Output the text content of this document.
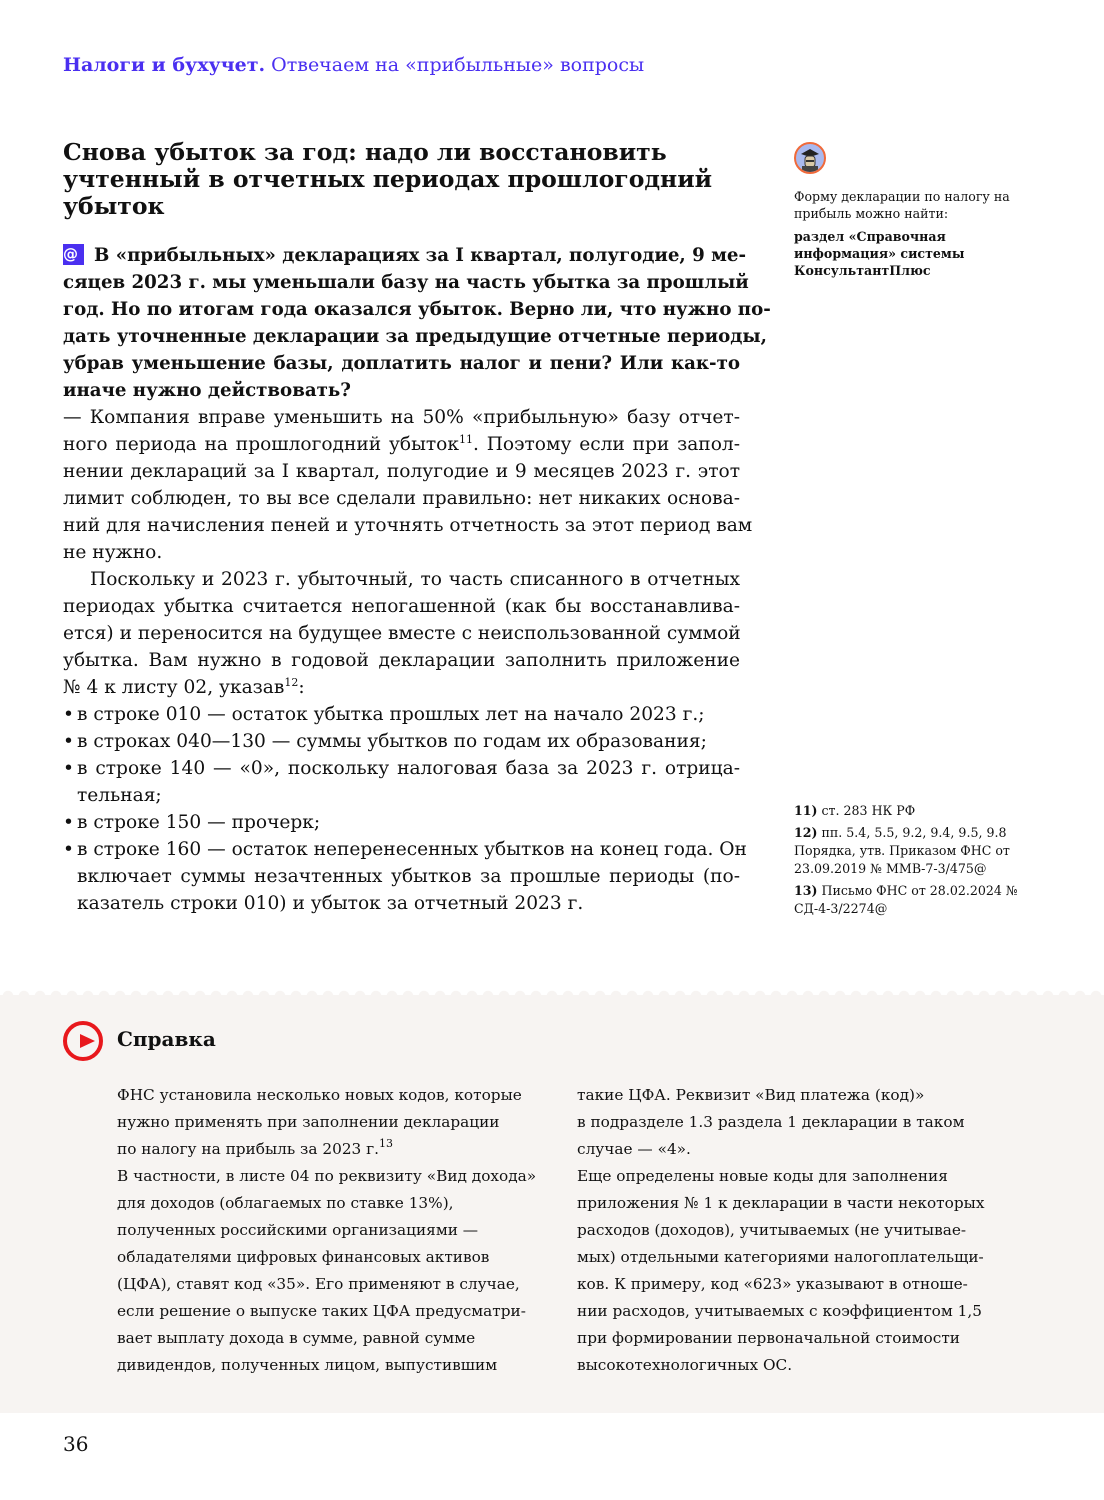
Налоги и бухучет. Отвечаем на «прибыльные» вопросы
Снова убыток за год: надо ли восстановить
учтенный в отчетных периодах прошлогодний
убыток
@ В «прибыльных» декларациях за I квартал, полугодие, 9 ме-
сяцев 2023 г. мы уменьшали базу на часть убытка за прошлый
год. Но по итогам года оказался убыток. Верно ли, что нужно по-
дать уточненные декларации за предыдущие отчетные периоды,
убрав уменьшение базы, доплатить налог и пени? Или как-то
иначе нужно действовать?
— Компания вправе уменьшить на 50% «прибыльную» базу отчет-
ного периода на прошлогодний убыток$^{11}$. Поэтому если при запол-
нении деклараций за I квартал, полугодие и 9 месяцев 2023 г. этот
лимит соблюден, то вы все сделали правильно: нет никаких основа-
ний для начисления пеней и уточнять отчетность за этот период вам
не нужно.
Поскольку и 2023 г. убыточный, то часть списанного в отчетных
периодах убытка считается непогашенной (как бы восстанавлива-
ется) и переносится на будущее вместе с неиспользованной суммой
убытка. Вам нужно в годовой декларации заполнить приложение
№ 4 к листу 02, указав$^{12}$:
• в строке 010 — остаток убытка прошлых лет на начало 2023 г.;
• в строках 040—130 — суммы убытков по годам их образования;
• в строке 140 — «0», поскольку налоговая база за 2023 г. отрица-
тельная;
• в строке 150 — прочерк;
• в строке 160 — остаток неперенесенных убытков на конец года. Он
включает суммы незачтенных убытков за прошлые периоды (по-
казатель строки 010) и убыток за отчетный 2023 г.
Форму декларации по налогу на прибыль можно найти:
раздел «Справочная информация» системы КонсультантПлюс
11) ст. 283 НК РФ
12) пп. 5.4, 5.5, 9.2, 9.4, 9.5, 9.8 Порядка, утв. Приказом ФНС от 23.09.2019 № ММВ-7-3/475@
13) Письмо ФНС от 28.02.2024 № СД-4-3/2274@
Справка
ФНС установила несколько новых кодов, которые
нужно применять при заполнении декларации
по налогу на прибыль за 2023 г.$^{13}$
В частности, в листе 04 по реквизиту «Вид дохода»
для доходов (облагаемых по ставке 13%),
полученных российскими организациями —
обладателями цифровых финансовых активов
(ЦФА), ставят код «35». Его применяют в случае,
если решение о выпуске таких ЦФА предусматри-
вает выплату дохода в сумме, равной сумме
дивидендов, полученных лицом, выпустившим
такие ЦФА. Реквизит «Вид платежа (код)»
в подразделе 1.3 раздела 1 декларации в таком
случае — «4».
Еще определены новые коды для заполнения
приложения № 1 к декларации в части некоторых
расходов (доходов), учитываемых (не учитывае-
мых) отдельными категориями налогоплательщи-
ков. К примеру, код «623» указывают в отноше-
нии расходов, учитываемых с коэффициентом 1,5
при формировании первоначальной стоимости
высокотехнологичных ОС.
36
